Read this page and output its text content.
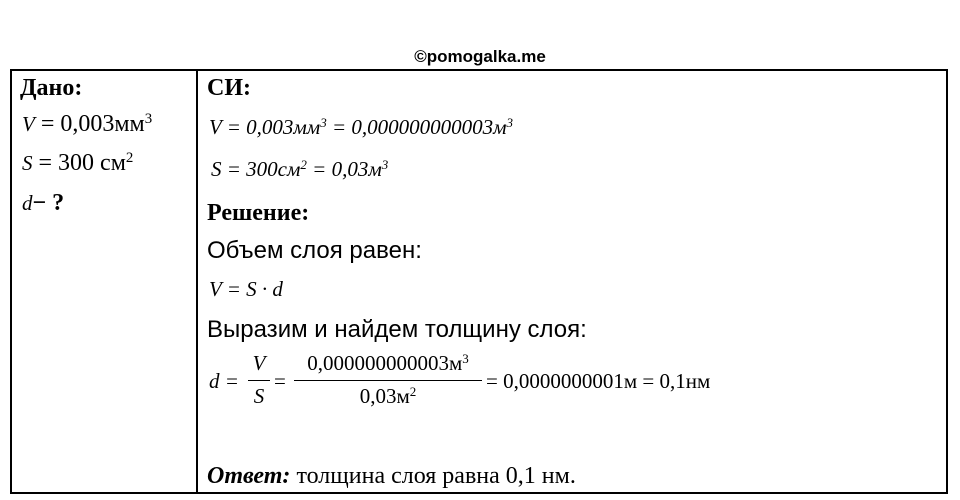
©pomogalka.me
Дано:
$V = 0,003мм^3$
S = 300 $см^2$
d− ?
СИ:
$V = 0,003мм^3 = 0,000000000003м^3$
$S = 300см^2 = 0,03м^3$
Решение:
Объем слоя равен:
V = S · d
Выразим и найдем толщину слоя:
d =
V
S
=
$0,000000000003м^3$
$0,03м^2$	= 0,0000000001м = 0,1нм
Ответ: толщина слоя равна 0,1 нм.
